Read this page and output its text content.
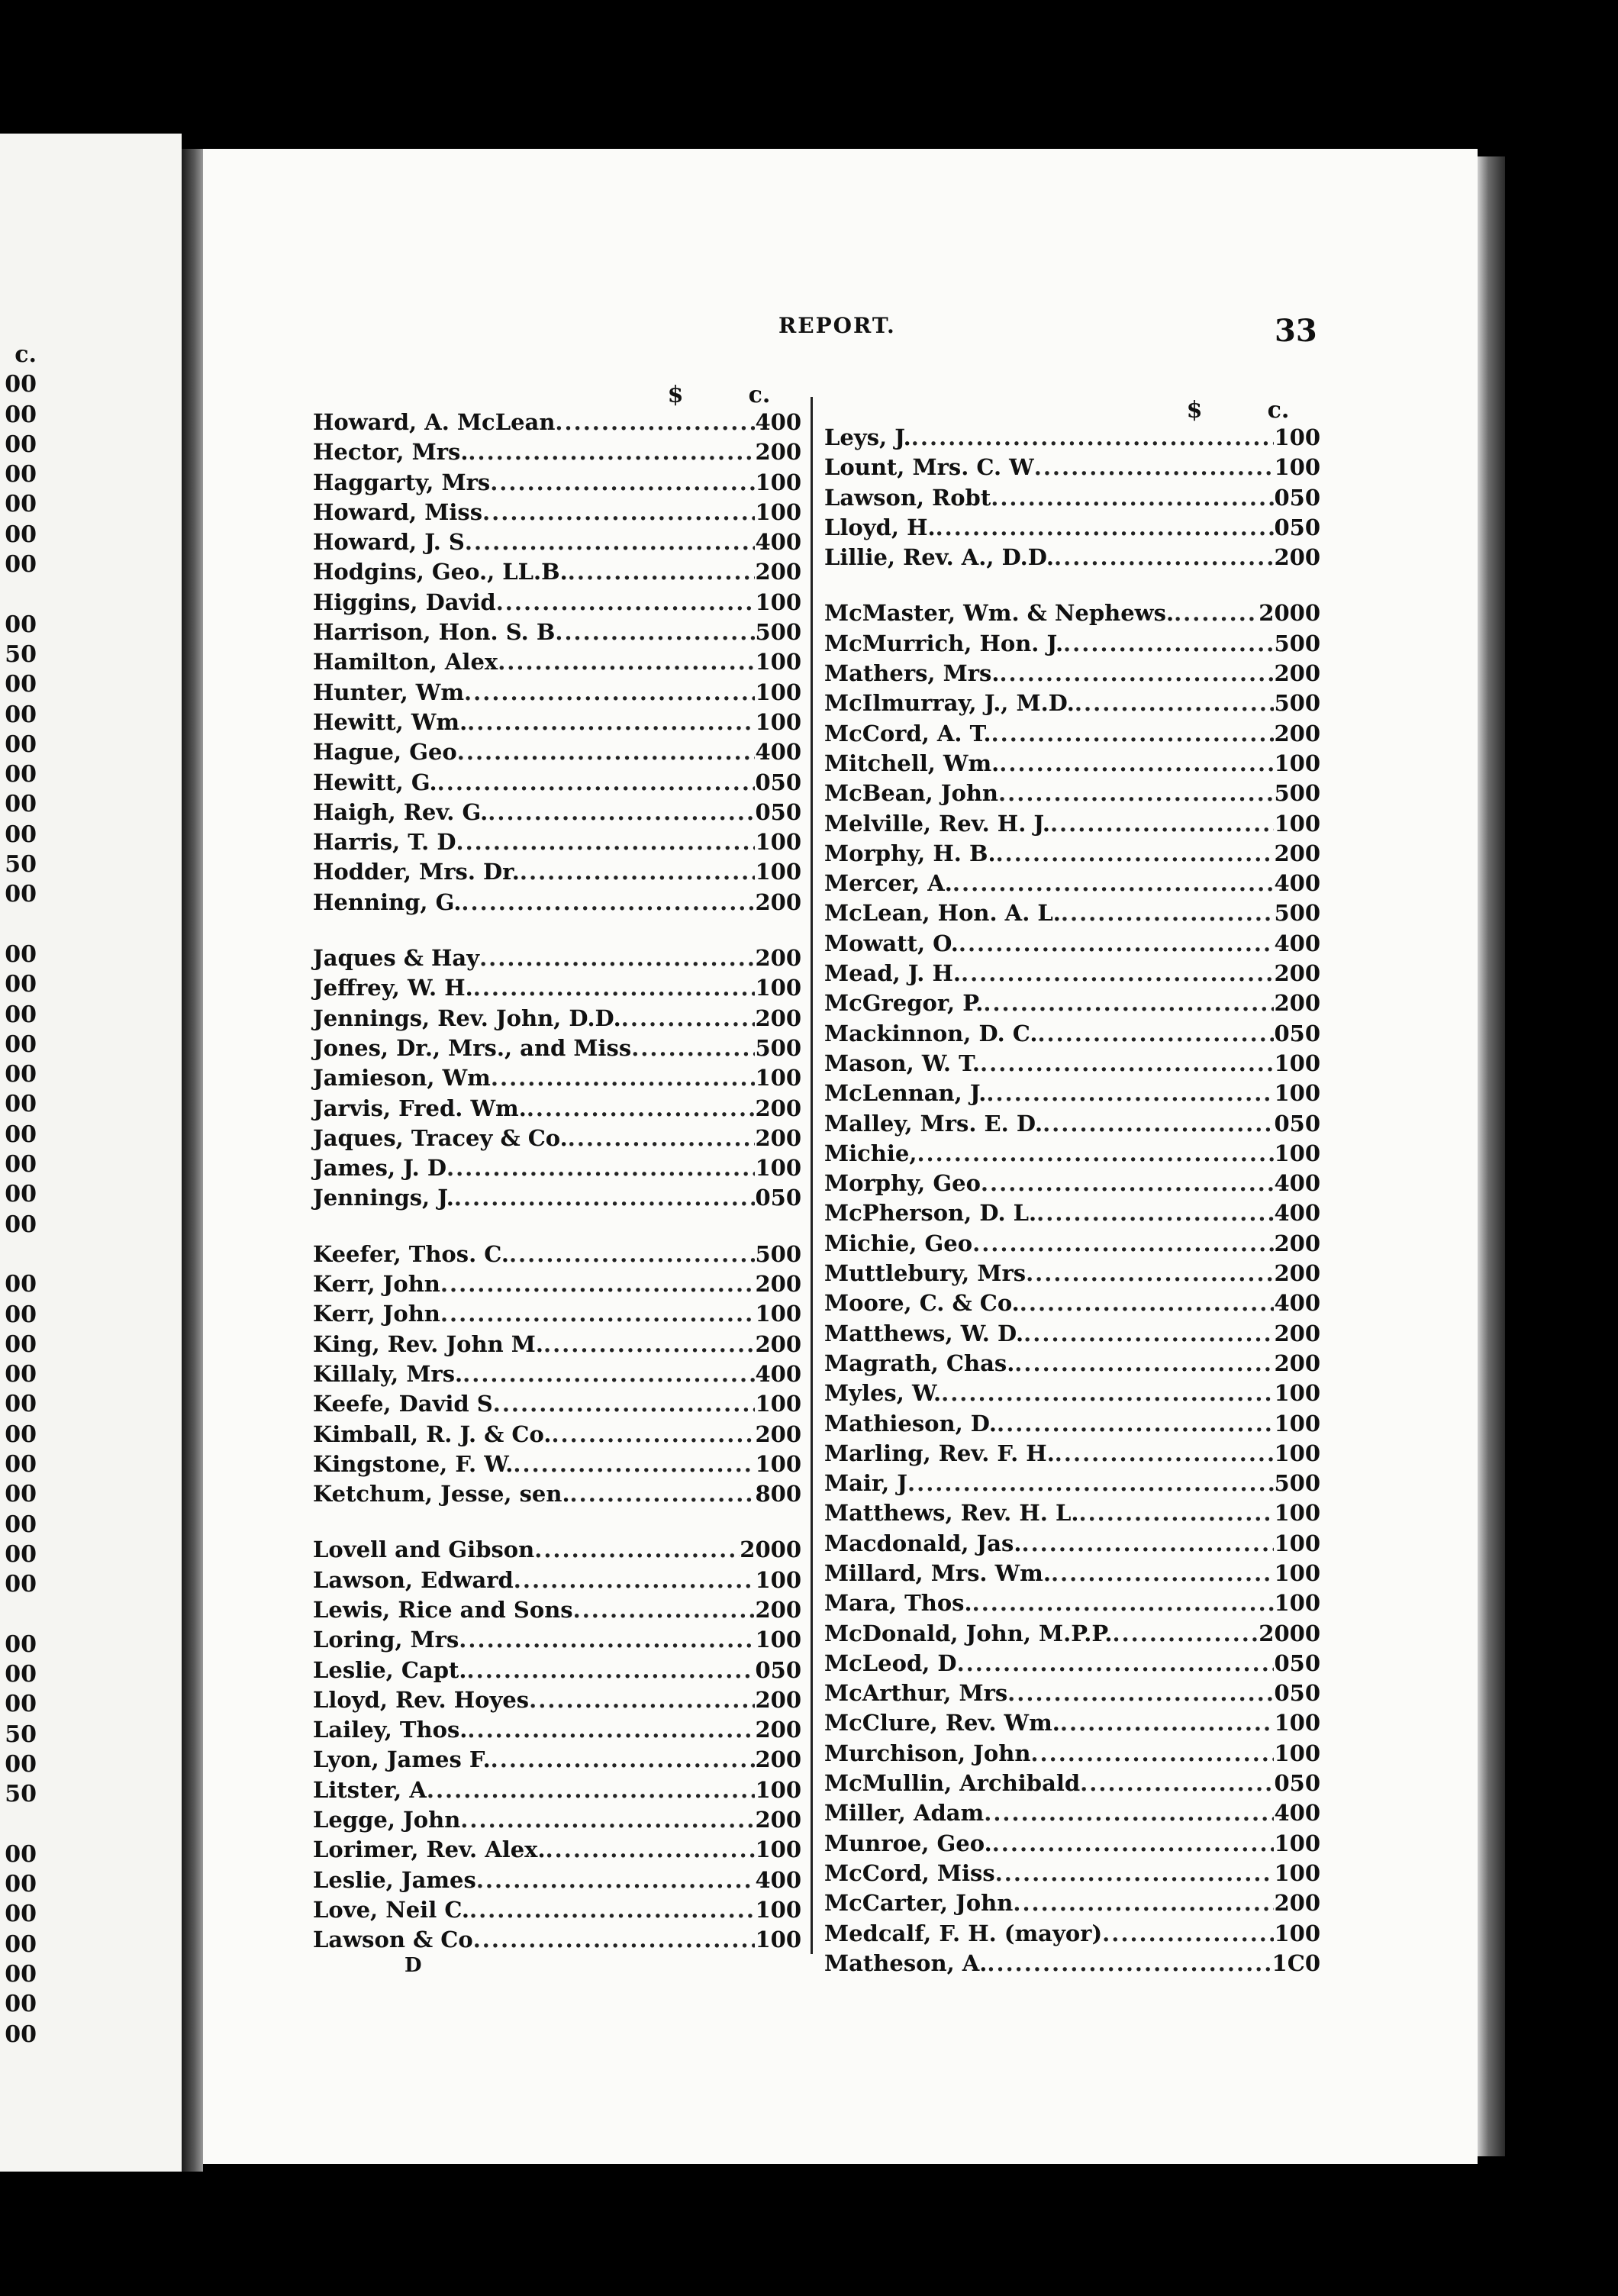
c.
00
00
00
00
00
00
00
00
50
00
00
00
00
00
00
50
00
00
00
00
00
00
00
00
00
00
00
00
00
00
00
00
00
00
00
00
00
00
00
00
00
50
00
50
00
00
00
00
00
00
00
REPORT.	33
$	c.
Howard, A. McLean .....	4 00
Hector, Mrs. .....	2 00
Haggarty, Mrs .....	1 00
Howard, Miss .....	1 00
Howard, J. S .....	4 00
Hodgins, Geo., LL.B. .....	2 00
Higgins, David .....	1 00
Harrison, Hon. S. B .....	5 00
Hamilton, Alex .....	1 00
Hunter, Wm .....	1 00
Hewitt, Wm. .....	1 00
Hague, Geo .....	4 00
Hewitt, G. .....	0 50
Haigh, Rev. G. .....	0 50
Harris, T. D .....	1 00
Hodder, Mrs. Dr. .....	1 00
Henning, G. .....	2 00
Jaques & Hay .....	2 00
Jeffrey, W. H. .....	1 00
Jennings, Rev. John, D.D. .....	2 00
Jones, Dr., Mrs., and Miss .....	5 00
Jamieson, Wm .....	1 00
Jarvis, Fred. Wm. .....	2 00
Jaques, Tracey & Co. .....	2 00
James, J. D .....	1 00
Jennings, J. .....	0 50
Keefer, Thos. C. .....	5 00
Kerr, John .....	2 00
Kerr, John .....	1 00
King, Rev. John M. .....	2 00
Killaly, Mrs. .....	4 00
Keefe, David S .....	1 00
Kimball, R. J. & Co. .....	2 00
Kingstone, F. W. .....	1 00
Ketchum, Jesse, sen. .....	8 00
Lovell and Gibson .....	20 00
Lawson, Edward .....	1 00
Lewis, Rice and Sons .....	2 00
Loring, Mrs .....	1 00
Leslie, Capt. .....	0 50
Lloyd, Rev. Hoyes .....	2 00
Lailey, Thos. .....	2 00
Lyon, James F. .....	2 00
Litster, A .....	1 00
Legge, John .....	2 00
Lorimer, Rev. Alex. .....	1 00
Leslie, James .....	4 00
Love, Neil C. .....	1 00
Lawson & Co .....	1 00
$	c.
Leys, J. .....	1 00
Lount, Mrs. C. W .....	1 00
Lawson, Robt .....	0 50
Lloyd, H. .....	0 50
Lillie, Rev. A., D.D. .....	2 00
McMaster, Wm. & Nephews. .....	20 00
McMurrich, Hon. J. .....	5 00
Mathers, Mrs. .....	2 00
McIlmurray, J., M.D. .....	5 00
McCord, A. T. .....	2 00
Mitchell, Wm. .....	1 00
McBean, John .....	5 00
Melville, Rev. H. J. .....	1 00
Morphy, H. B. .....	2 00
Mercer, A. .....	4 00
McLean, Hon. A. L. .....	5 00
Mowatt, O. .....	4 00
Mead, J. H. .....	2 00
McGregor, P. .....	2 00
Mackinnon, D. C. .....	0 50
Mason, W. T. .....	1 00
McLennan, J. .....	1 00
Malley, Mrs. E. D. .....	0 50
Michie, .....	1 00
Morphy, Geo .....	4 00
McPherson, D. L. .....	4 00
Michie, Geo .....	2 00
Muttlebury, Mrs .....	2 00
Moore, C. & Co. .....	4 00
Matthews, W. D. .....	2 00
Magrath, Chas. .....	2 00
Myles, W. .....	1 00
Mathieson, D. .....	1 00
Marling, Rev. F. H. .....	1 00
Mair, J .....	5 00
Matthews, Rev. H. L. .....	1 00
Macdonald, Jas. .....	1 00
Millard, Mrs. Wm. .....	1 00
Mara, Thos. .....	1 00
McDonald, John, M.P.P. .....	20 00
McLeod, D .....	0 50
McArthur, Mrs .....	0 50
McClure, Rev. Wm. .....	1 00
Murchison, John .....	1 00
McMullin, Archibald .....	0 50
Miller, Adam .....	4 00
Munroe, Geo. .....	1 00
McCord, Miss .....	1 00
McCarter, John .....	2 00
Medcalf, F. H. (mayor) .....	1 00
Matheson, A. .....	1 C0
D
